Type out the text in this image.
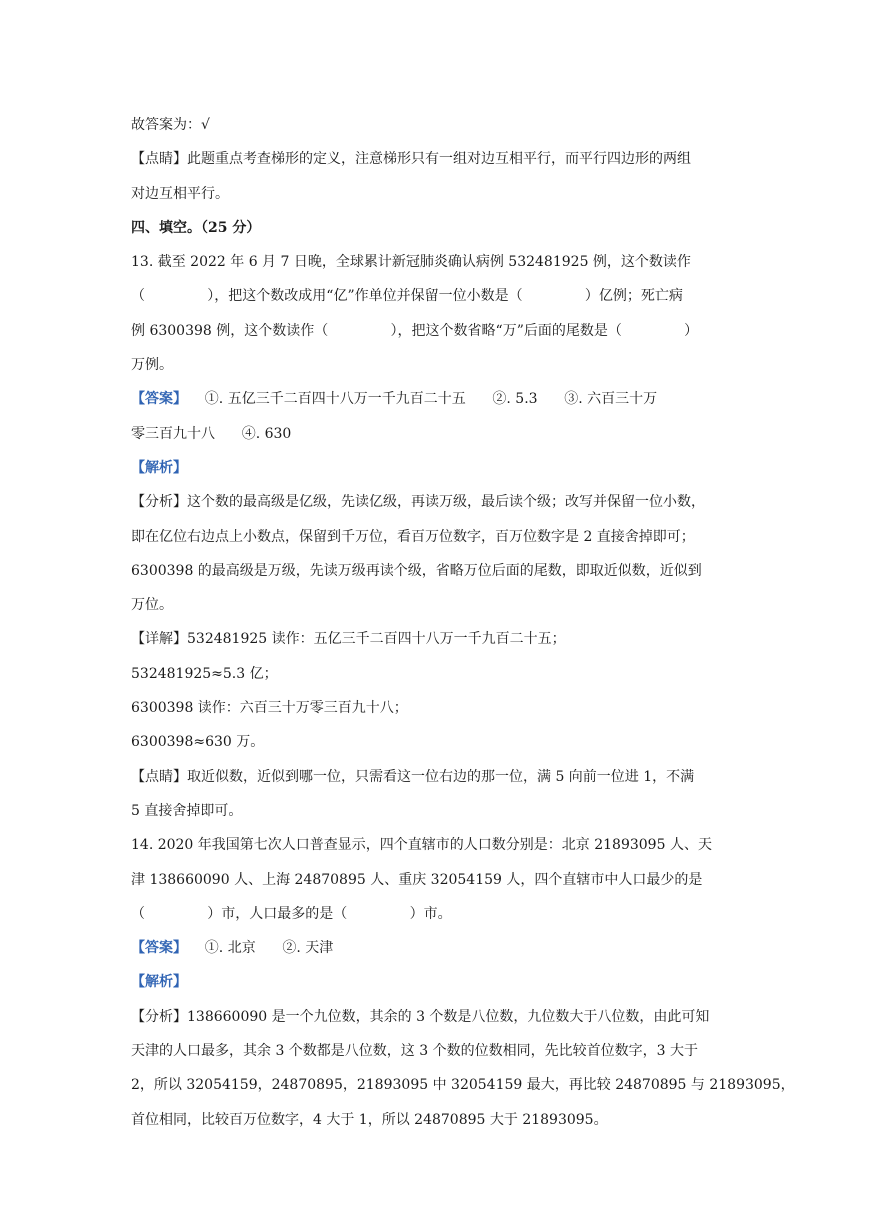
故答案为：√
【点睛】此题重点考查梯形的定义，注意梯形只有一组对边互相平行，而平行四边形的两组
对边互相平行。
四、填空。（25 分）
13. 截至 2022 年 6 月 7 日晚，全球累计新冠肺炎确认病例 532481925 例，这个数读作
（              ），把这个数改成用“亿”作单位并保留一位小数是（              ）亿例；死亡病
例 6300398 例，这个数读作（              ），把这个数省略“万”后面的尾数是（              ）
万例。
【答案】    ①. 五亿三千二百四十八万一千九百二十五      ②. 5.3      ③. 六百三十万
零三百九十八      ④. 630
【解析】
【分析】这个数的最高级是亿级，先读亿级，再读万级，最后读个级；改写并保留一位小数，
即在亿位右边点上小数点，保留到千万位，看百万位数字，百万位数字是 2 直接舍掉即可；
6300398 的最高级是万级，先读万级再读个级，省略万位后面的尾数，即取近似数，近似到
万位。
【详解】532481925 读作：五亿三千二百四十八万一千九百二十五；
532481925≈5.3 亿；
6300398 读作：六百三十万零三百九十八；
6300398≈630 万。
【点睛】取近似数，近似到哪一位，只需看这一位右边的那一位，满 5 向前一位进 1，不满
5 直接舍掉即可。
14. 2020 年我国第七次人口普查显示，四个直辖市的人口数分别是：北京 21893095 人、天
津 138660090 人、上海 24870895 人、重庆 32054159 人，四个直辖市中人口最少的是
（              ）市，人口最多的是（              ）市。
【答案】    ①. 北京      ②. 天津
【解析】
【分析】138660090 是一个九位数，其余的 3 个数是八位数，九位数大于八位数，由此可知
天津的人口最多，其余 3 个数都是八位数，这 3 个数的位数相同，先比较首位数字，3 大于
2，所以 32054159，24870895，21893095 中 32054159 最大，再比较 24870895 与 21893095，
首位相同，比较百万位数字，4 大于 1，所以 24870895 大于 21893095。
